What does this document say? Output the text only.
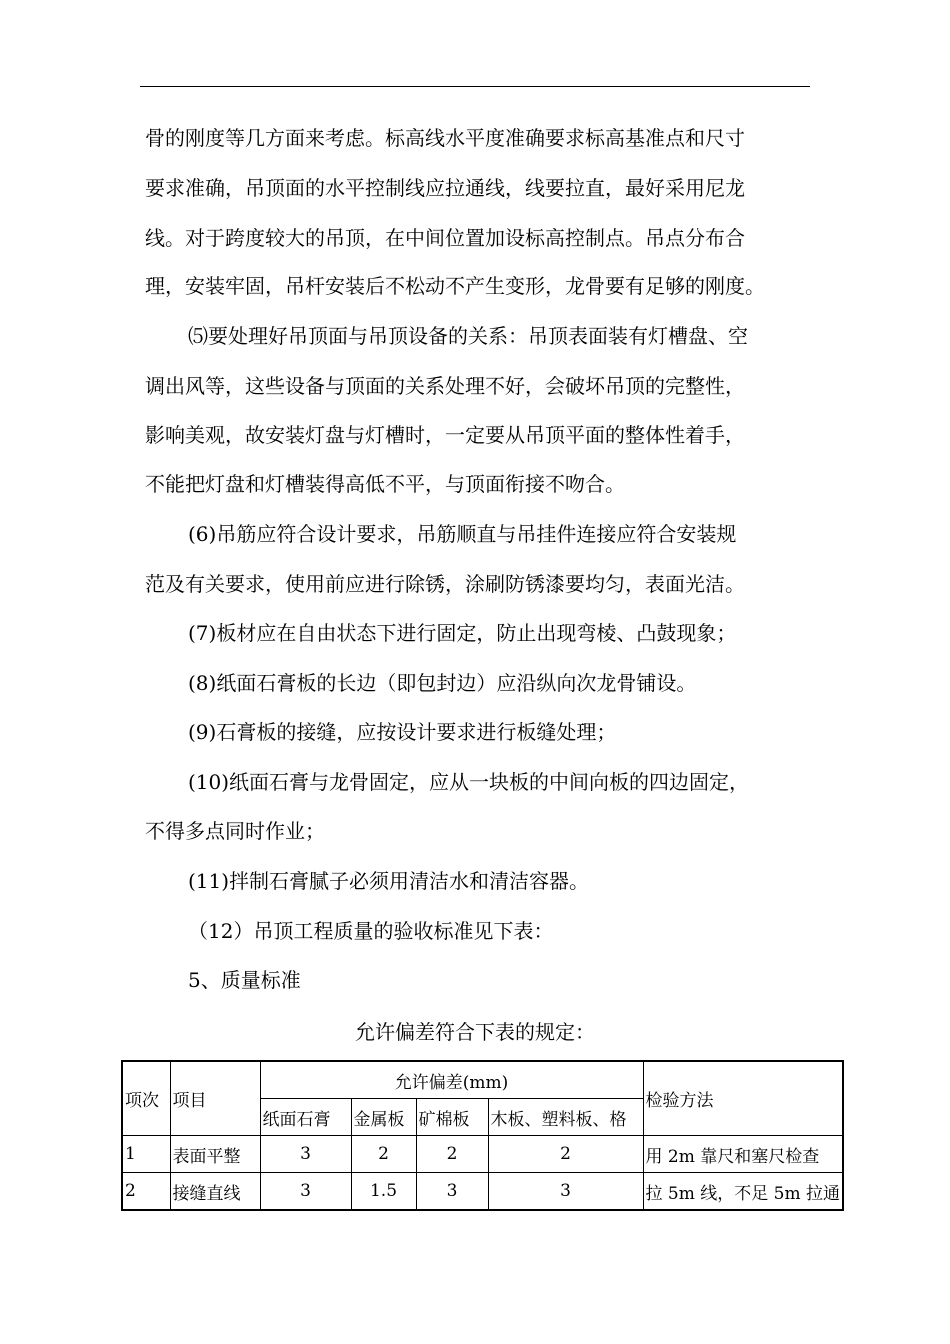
骨的刚度等几方面来考虑。标高线水平度准确要求标高基准点和尺寸
要求准确，吊顶面的水平控制线应拉通线，线要拉直，最好采用尼龙
线。对于跨度较大的吊顶，在中间位置加设标高控制点。吊点分布合
理，安装牢固，吊杆安装后不松动不产生变形，龙骨要有足够的刚度。
⑸要处理好吊顶面与吊顶设备的关系：吊顶表面装有灯槽盘、空
调出风等，这些设备与顶面的关系处理不好，会破坏吊顶的完整性，
影响美观，故安装灯盘与灯槽时，一定要从吊顶平面的整体性着手，
不能把灯盘和灯槽装得高低不平，与顶面衔接不吻合。
(6)吊筋应符合设计要求，吊筋顺直与吊挂件连接应符合安装规
范及有关要求，使用前应进行除锈，涂刷防锈漆要均匀，表面光洁。
(7)板材应在自由状态下进行固定，防止出现弯棱、凸鼓现象；
(8)纸面石膏板的长边（即包封边）应沿纵向次龙骨铺设。
(9)石膏板的接缝，应按设计要求进行板缝处理；
(10)纸面石膏与龙骨固定，应从一块板的中间向板的四边固定，
不得多点同时作业；
(11)拌制石膏腻子必须用清洁水和清洁容器。
（12）吊顶工程质量的验收标准见下表：
5、质量标准
允许偏差符合下表的规定：
项次	项目	允许偏差(mm)				检验方法
		纸面石膏	金属板	矿棉板	木板、塑料板、格	
1	表面平整	3	2	2	2	用 2m 靠尺和塞尺检查
2	接缝直线	3	1.5	3	3	拉 5m 线，不足 5m 拉通
